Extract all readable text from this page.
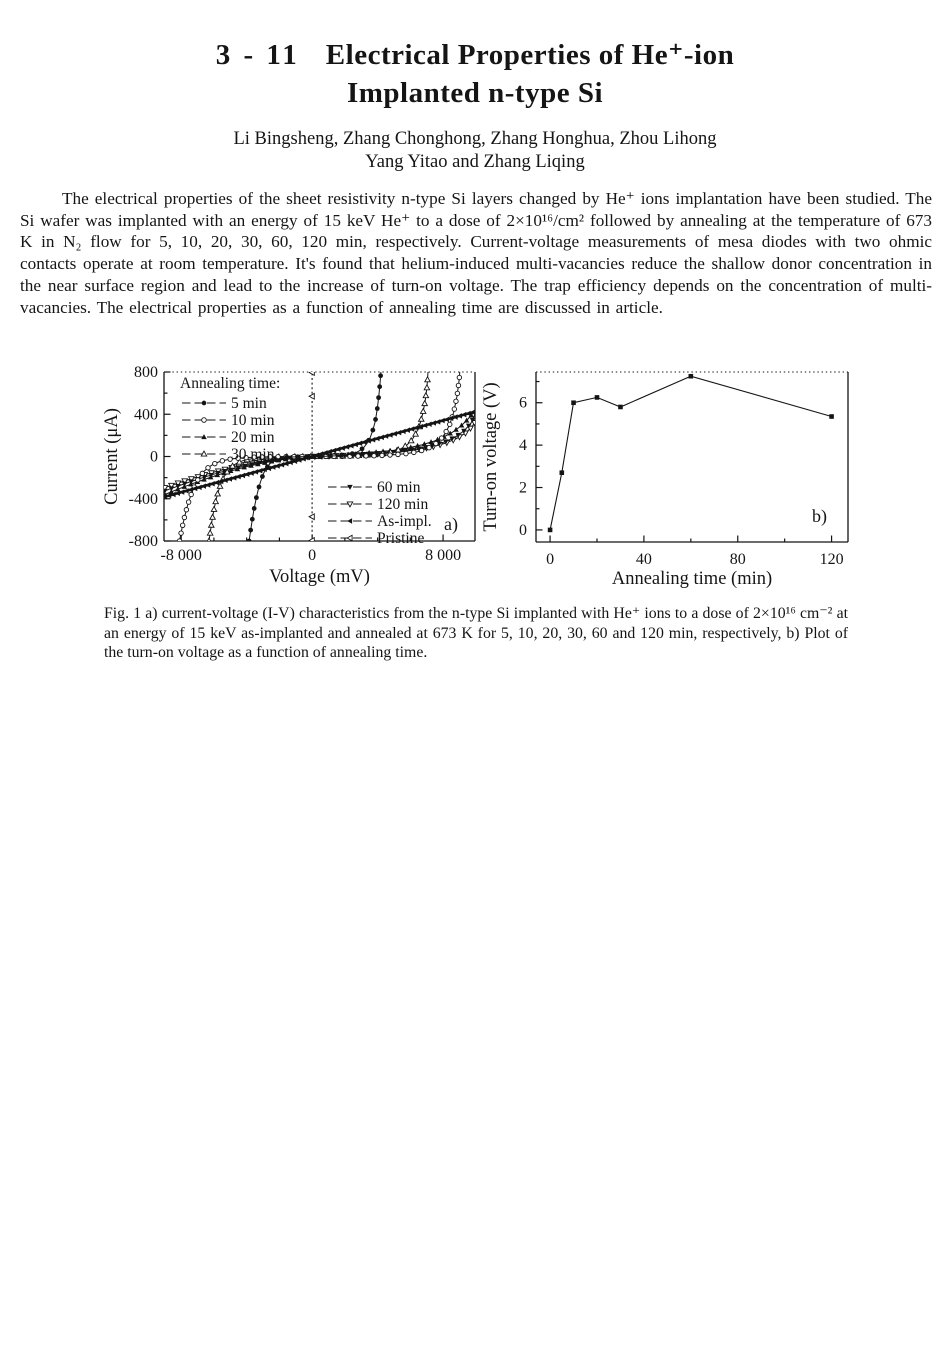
3 - 11 Electrical Properties of He⁺-ion
Implanted n-type Si
Li Bingsheng, Zhang Chonghong, Zhang Honghua, Zhou Lihong
Yang Yitao and Zhang Liqing
The electrical properties of the sheet resistivity n-type Si layers changed by He⁺ ions implantation have been studied. The Si wafer was implanted with an energy of 15 keV He⁺ to a dose of 2×10¹⁶/cm² followed by annealing at the temperature of 673 K in N₂ flow for 5, 10, 20, 30, 60, 120 min, respectively. Current-voltage measurements of mesa diodes with two ohmic contacts operate at room temperature. It's found that helium-induced multi-vacancies reduce the shallow donor concentration in the near surface region and lead to the increase of turn-on voltage. The trap efficiency depends on the concentration of multi-vacancies. The electrical properties as a function of annealing time are discussed in article.
-8 000	0	8 000
800
400
0
-400
-800
Voltage (mV)
Current (μA)
Annealing time:
5 min
10 min
20 min
30 min
60 min
120 min
As-impl.
Pristine
a)
0	40	80	120
0
2
4
6
Annealing time (min)
Turn-on voltage (V)	b)
Fig. 1 a) current-voltage (I-V) characteristics from the n-type Si implanted with He⁺ ions to a dose of 2×10¹⁶ cm⁻² at an energy of 15 keV as-implanted and annealed at 673 K for 5, 10, 20, 30, 60 and 120 min, respectively, b) Plot of the turn-on voltage as a function of annealing time.
